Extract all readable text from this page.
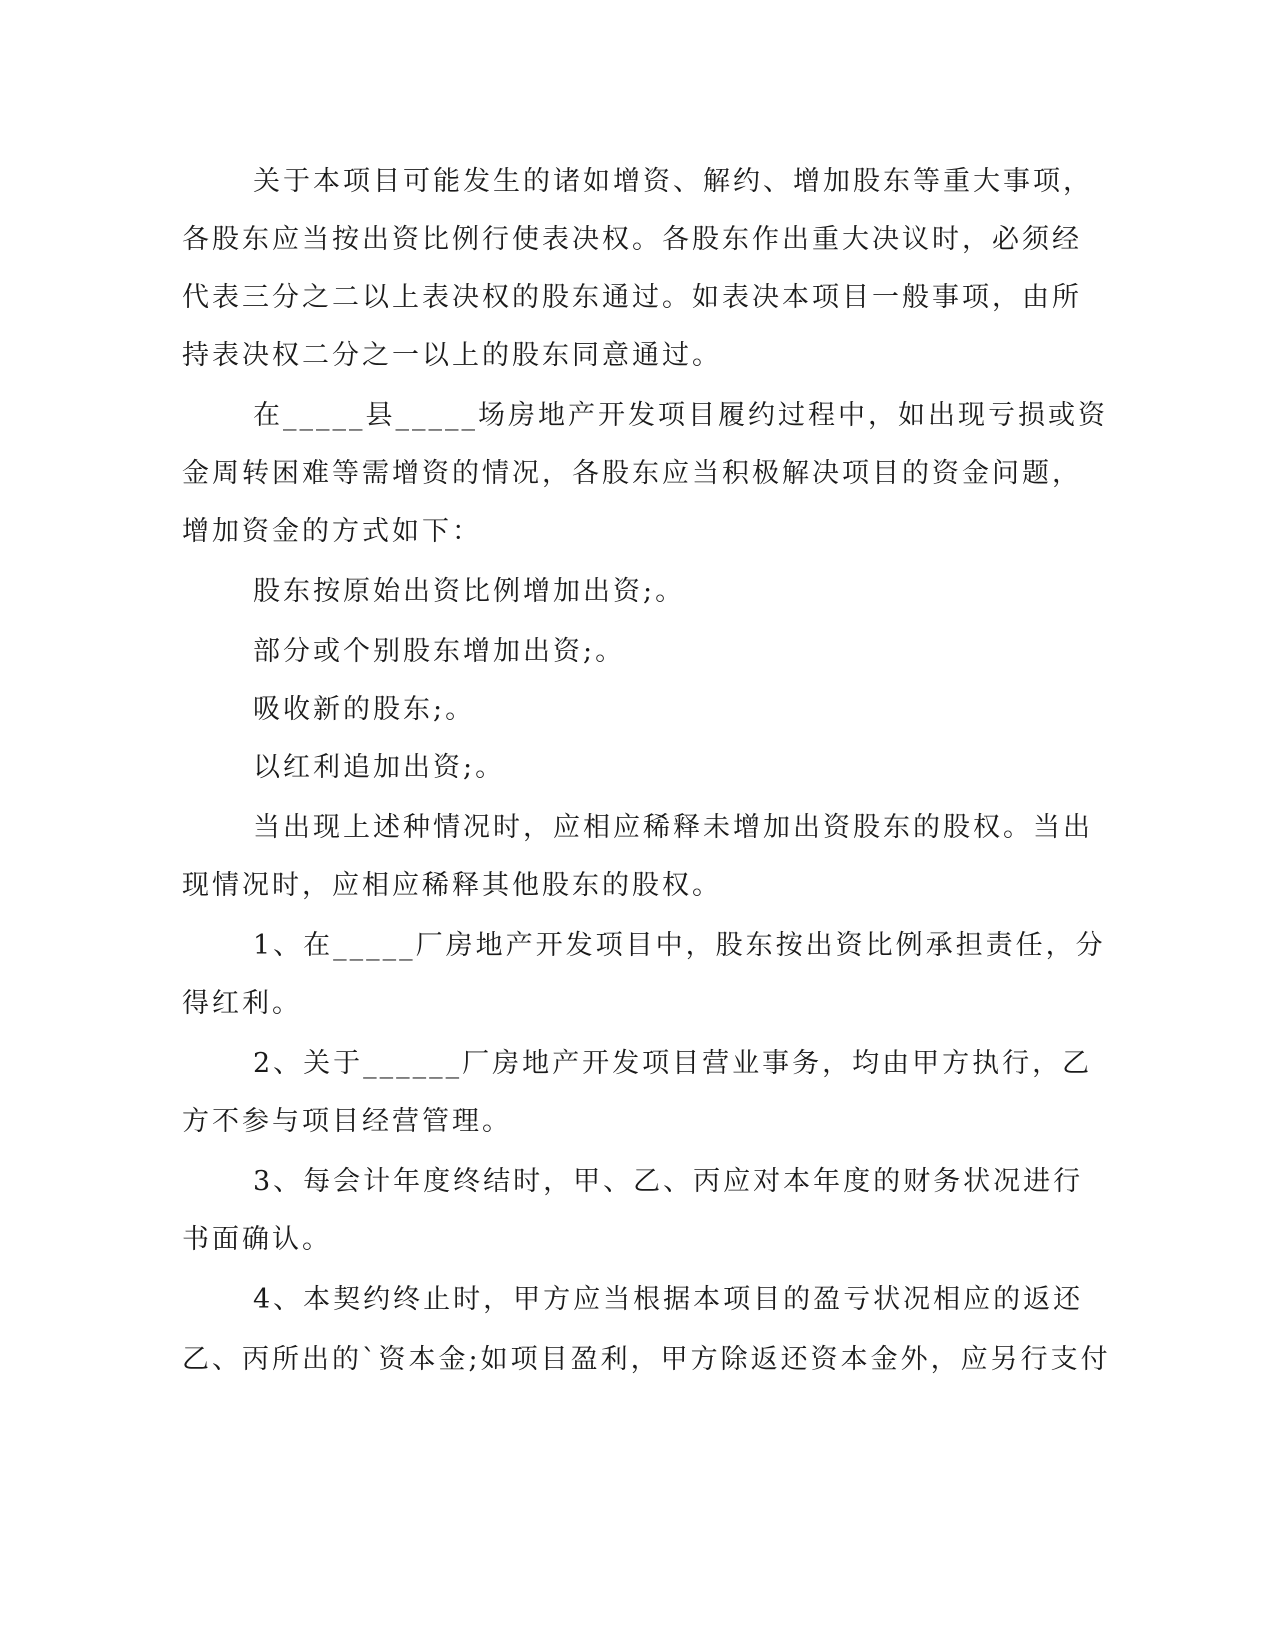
关于本项目可能发生的诸如增资、解约、增加股东等重大事项，
各股东应当按出资比例行使表决权。各股东作出重大决议时，必须经
代表三分之二以上表决权的股东通过。如表决本项目一般事项，由所
持表决权二分之一以上的股东同意通过。
在_____县_____场房地产开发项目履约过程中，如出现亏损或资
金周转困难等需增资的情况，各股东应当积极解决项目的资金问题，
增加资金的方式如下：
股东按原始出资比例增加出资;。
部分或个别股东增加出资;。
吸收新的股东;。
以红利追加出资;。
当出现上述种情况时，应相应稀释未增加出资股东的股权。当出
现情况时，应相应稀释其他股东的股权。
1、在_____厂房地产开发项目中，股东按出资比例承担责任，分
得红利。
2、关于______厂房地产开发项目营业事务，均由甲方执行，乙
方不参与项目经营管理。
3、每会计年度终结时，甲、乙、丙应对本年度的财务状况进行
书面确认。
4、本契约终止时，甲方应当根据本项目的盈亏状况相应的返还
乙、丙所出的`资本金;如项目盈利，甲方除返还资本金外，应另行支付
